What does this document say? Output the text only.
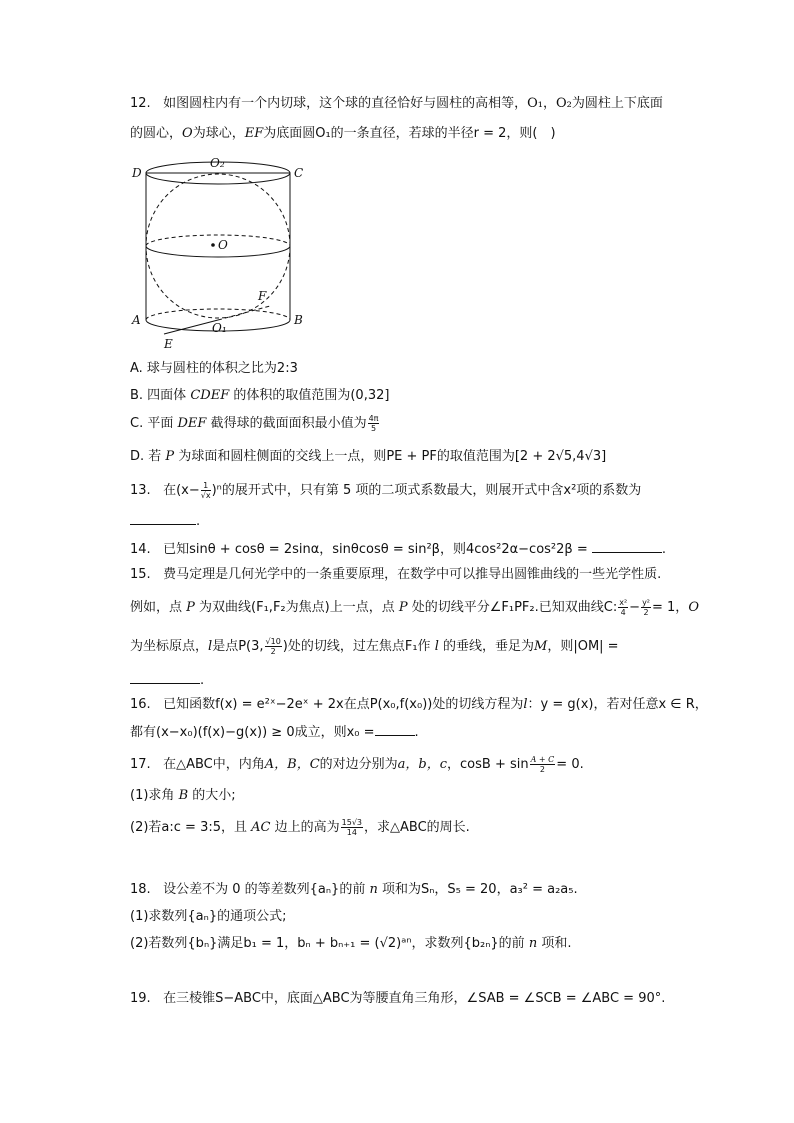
12. 如图圆柱内有一个内切球，这个球的直径恰好与圆柱的高相等，O₁，O₂为圆柱上下底面
的圆心，O为球心，EF为底面圆O₁的一条直径，若球的半径r = 2，则(　)
D	C
O₂
O
F
A	B
O₁
E
A. 球与圆柱的体积之比为2:3
B. 四面体 CDEF 的体积的取值范围为(0,32]
C. 平面 DEF 截得球的截面面积最小值为 $\frac{4\pi}{5}$
D. 若 P 为球面和圆柱侧面的交线上一点，则PE + PF的取值范围为[2 + 2√5,4√3]
13. 在$(x- \frac{1}{√x} )^n$的展开式中，只有第 5 项的二项式系数最大，则展开式中含x²项的系数为
.
14. 已知sinθ + cosθ = 2sinα，sinθcosθ = sin²β，则4cos²2α−cos²2β =	.
15. 费马定理是几何光学中的一条重要原理，在数学中可以推导出圆锥曲线的一些光学性质.
例如，点 P 为双曲线(F₁,F₂为焦点)上一点，点 P 处的切线平分∠F₁PF₂.已知双曲线C: $\frac{\text{x²}}{4} - \frac{\text{y²}}{2} = 1$，O
为坐标原点，l是点P(3, $\frac{√10}{2}$ )处的切线，过左焦点F₁作 l 的垂线，垂足为M，则|OM| =
.
16. 已知函数f(x) = e²ˣ−2eˣ + 2x在点P(x₀,f(x₀))处的切线方程为l：y = g(x)，若对任意x ∈ R，
都有(x−x₀)(f(x)−g(x)) ≥ 0成立，则x₀ =	.
17. 在△ABC中，内角A，B，C的对边分别为a，b，c，$\cos B + \sin \frac{A + C}{2} = 0$.
(1)求角 B 的大小;
(2)若a:c = 3:5，且 AC 边上的高为 $\frac{15√3}{14}$ ，求△ABC的周长.
18. 设公差不为 0 的等差数列{aₙ}的前 n 项和为Sₙ，S₅ = 20，a₃² = a₂a₅.
(1)求数列{aₙ}的通项公式;
(2)若数列{bₙ}满足b₁ = 1，bₙ + bₙ₊₁ = (√2)ᵃⁿ，求数列{b₂ₙ}的前 n 项和.
19. 在三棱锥S−ABC中，底面△ABC为等腰直角三角形，∠SAB = ∠SCB = ∠ABC = 90°.
